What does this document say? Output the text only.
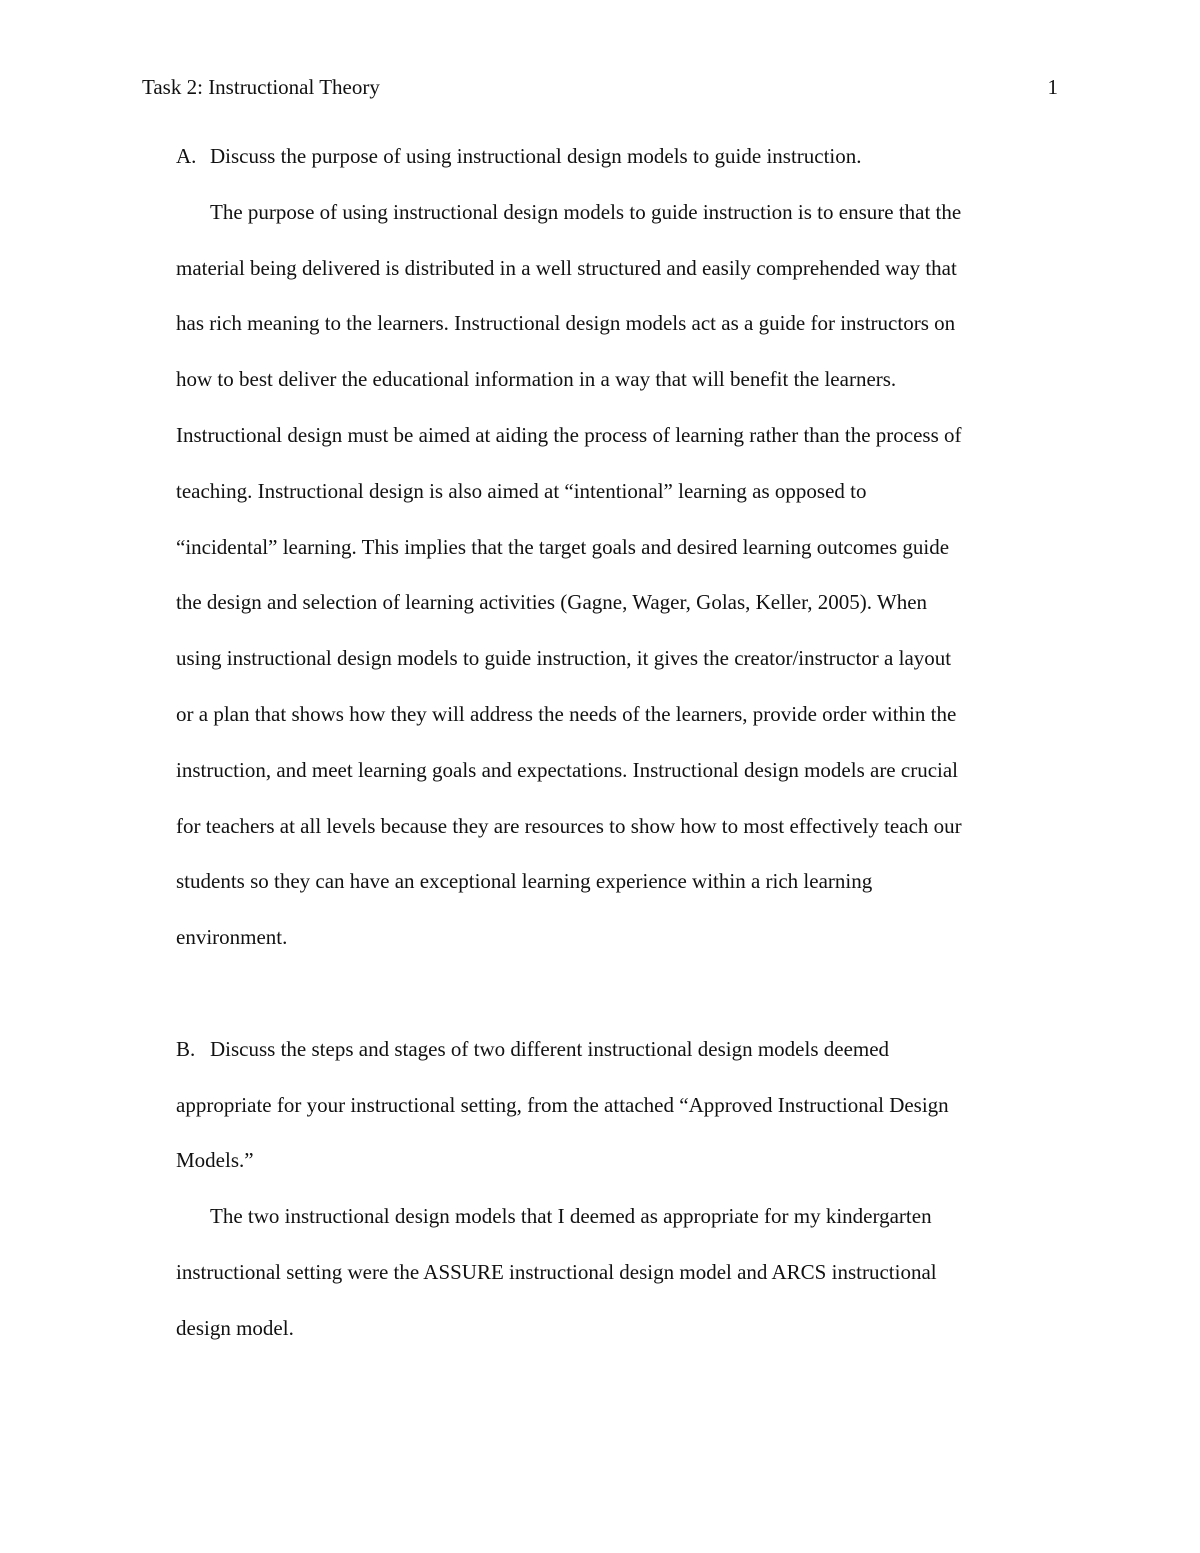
Task 2: Instructional Theory	1
A. Discuss the purpose of using instructional design models to guide instruction.
The purpose of using instructional design models to guide instruction is to ensure that the
material being delivered is distributed in a well structured and easily comprehended way that
has rich meaning to the learners. Instructional design models act as a guide for instructors on
how to best deliver the educational information in a way that will benefit the learners.
Instructional design must be aimed at aiding the process of learning rather than the process of
teaching. Instructional design is also aimed at “intentional” learning as opposed to
“incidental” learning. This implies that the target goals and desired learning outcomes guide
the design and selection of learning activities (Gagne, Wager, Golas, Keller, 2005). When
using instructional design models to guide instruction, it gives the creator/instructor a layout
or a plan that shows how they will address the needs of the learners, provide order within the
instruction, and meet learning goals and expectations. Instructional design models are crucial
for teachers at all levels because they are resources to show how to most effectively teach our
students so they can have an exceptional learning experience within a rich learning
environment.
B. Discuss the steps and stages of two different instructional design models deemed
appropriate for your instructional setting, from the attached “Approved Instructional Design
Models.”
The two instructional design models that I deemed as appropriate for my kindergarten
instructional setting were the ASSURE instructional design model and ARCS instructional
design model.
